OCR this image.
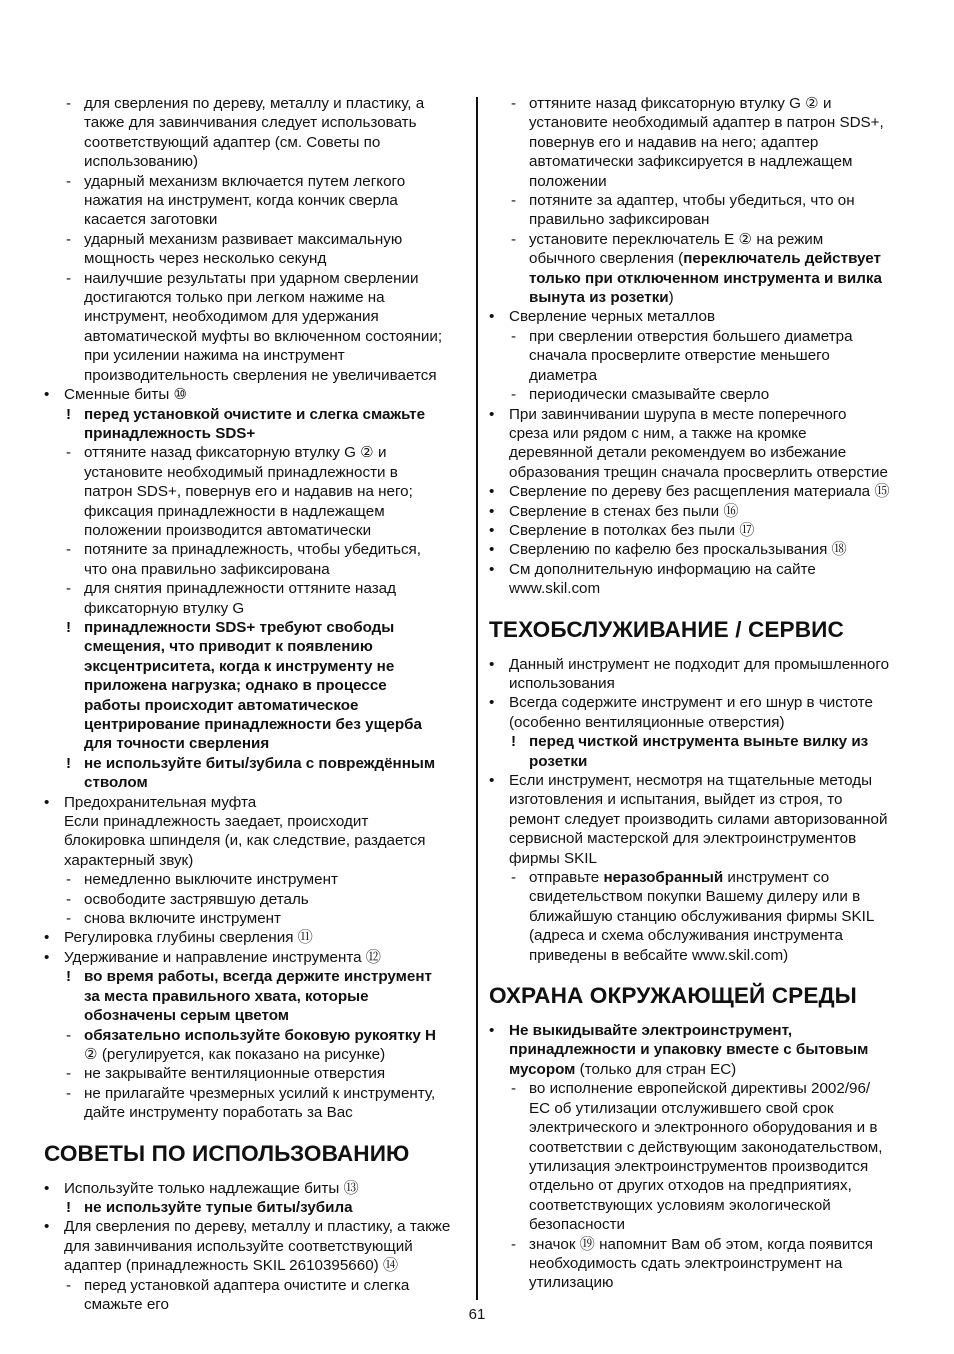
- для сверления по дереву, металлу и пластику, а
также для завинчивания следует использовать
соответствующий адаптер (см. Советы по
использованию)
- ударный механизм включается путем легкого
нажатия на инструмент, когда кончик сверла
касается заготовки
- ударный механизм развивает максимальную
мощность через несколько секунд
- наилучшие результаты при ударном сверлении
достигаются только при легком нажиме на
инструмент, необходимом для удержания
автоматической муфты во включенном состоянии;
при усилении нажима на инструмент
производительность сверления не увеличивается
• Сменные биты ⑩
! перед установкой очистите и слегка смажьте
принадлежность SDS+
- оттяните назад фиксаторную втулку G ② и
установите необходимый принадлежности в
патрон SDS+, повернув его и надавив на него;
фиксация принадлежности в надлежащем
положении производится автоматически
- потяните за принадлежность, чтобы убедиться,
что она правильно зафиксирована
- для снятия принадлежности оттяните назад
фиксаторную втулку G
! принадлежности SDS+ требуют свободы
смещения, что приводит к появлению
эксцентриситета, когда к инструменту не
приложена нагрузка; однако в процессе
работы происходит автоматическое
центрирование принадлежности без ущерба
для точности сверления
! не используйте биты/зубила с повреждённым
стволом
• Предохранительная муфта
Если принадлежность заедает, происходит
блокировка шпинделя (и, как следствие, раздается
характерный звук)
- немедленно выключите инструмент
- освободите застрявшую деталь
- снова включите инструмент
• Регулировка глубины сверления ⑪
• Удерживание и направление инструмента ⑫
! во время работы, всегда держите инструмент
за места правильного хвата, которые
обозначены серым цветом
- обязательно используйте боковую рукоятку H
② (регулируется, как показано на рисунке)
- не закрывайте вентиляционные отверстия
- не прилагайте чрезмерных усилий к инструменту,
дайте инструменту поработать за Вас
СОВЕТЫ ПО ИСПОЛЬЗОВАНИЮ
• Используйте только надлежащие биты ⑬
! не используйте тупые биты/зубила
• Для сверления по дереву, металлу и пластику, а также
для завинчивания используйте соответствующий
адаптер (принадлежность SKIL 2610395660) ⑭
- перед установкой адаптера очистите и слегка
смажьте его
- оттяните назад фиксаторную втулку G ② и
установите необходимый адаптер в патрон SDS+,
повернув его и надавив на него; адаптер
автоматически зафиксируется в надлежащем
положении
- потяните за адаптер, чтобы убедиться, что он
правильно зафиксирован
- установите переключатель E ② на режим
обычного сверления (переключатель действует
только при отключенном инструмента и вилка
вынута из розетки)
• Сверление черных металлов
- при сверлении отверстия большего диаметра
сначала просверлите отверстие меньшего
диаметра
- периодически смазывайте сверло
• При завинчивании шурупа в месте поперечного
среза или рядом с ним, а также на кромке
деревянной детали рекомендуем во избежание
образования трещин сначала просверлить отверстие
• Сверление по дереву без расщепления материала ⑮
• Сверление в стенах без пыли ⑯
• Сверление в потолках без пыли ⑰
• Сверлению по кафелю без проскальзывания ⑱
• См дополнительную информацию на сайте
www.skil.com
ТЕХОБСЛУЖИВАНИЕ / СЕРВИС
• Данный инструмент не подходит для промышленного
использования
• Всегда содержите инструмент и его шнур в чистоте
(особенно вентиляционные отверстия)
! перед чисткой инструмента выньте вилку из
розетки
• Если инструмент, несмотря на тщательные методы
изготовления и испытания, выйдет из строя, то
ремонт следует производить силами авторизованной
сервисной мастерской для электроинструментов
фирмы SKIL
- отправьте неразобранный инструмент со
свидетельством покупки Вашему дилеру или в
ближайшую станцию обслуживания фирмы SKIL
(адреса и схема обслуживания инструмента
приведены в вебсайте www.skil.com)
ОХРАНА ОКРУЖАЮЩЕЙ СРЕДЫ
• Не выкидывайте электроинструмент,
принадлежности и упаковку вместе с бытовым
мусором (только для стран ЕС)
- во исполнение европейской директивы 2002/96/
ЕС об утилизации отслужившего свой срок
электрического и электронного оборудования и в
соответствии с действующим законодательством,
утилизация электроинструментов производится
отдельно от других отходов на предприятиях,
соответствующих условиям экологической
безопасности
- значок ⑲ напомнит Вам об этом, когда появится
необходимость сдать электроинструмент на
утилизацию
61
